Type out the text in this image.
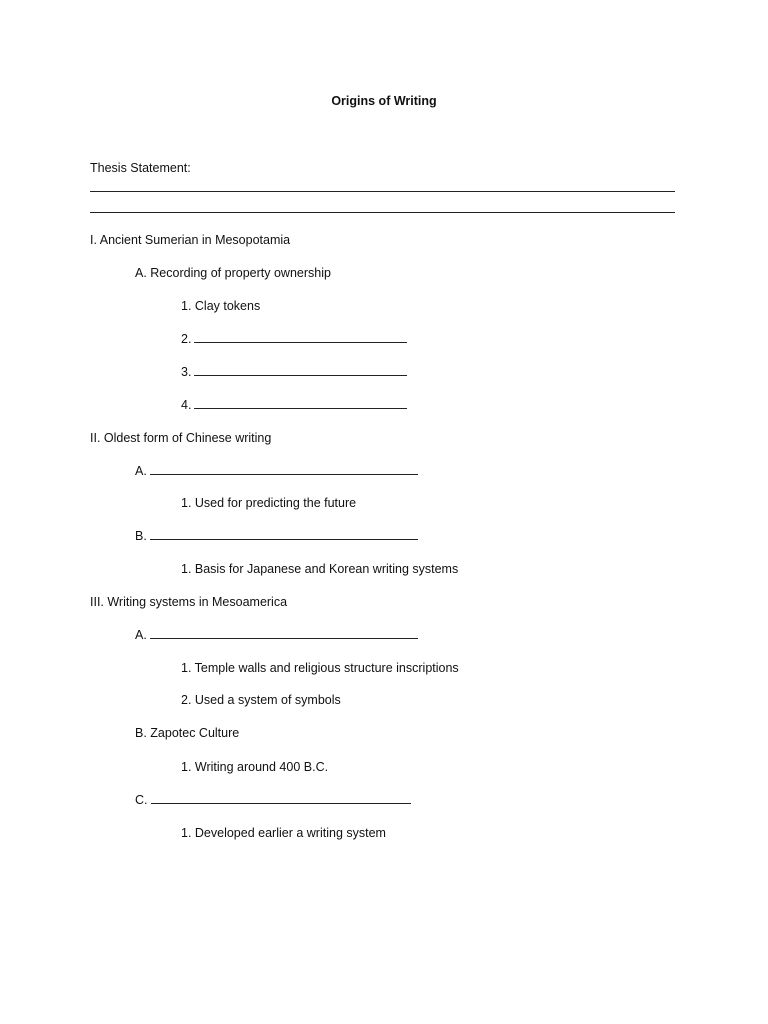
Origins of Writing
Thesis Statement:
I. Ancient Sumerian in Mesopotamia
A. Recording of property ownership
1. Clay tokens
2.
3.
4.
II. Oldest form of Chinese writing
A.
1. Used for predicting the future
B.
1. Basis for Japanese and Korean writing systems
III. Writing systems in Mesoamerica
A.
1. Temple walls and religious structure inscriptions
2. Used a system of symbols
B. Zapotec Culture
1. Writing around 400 B.C.
C.
1. Developed earlier a writing system
